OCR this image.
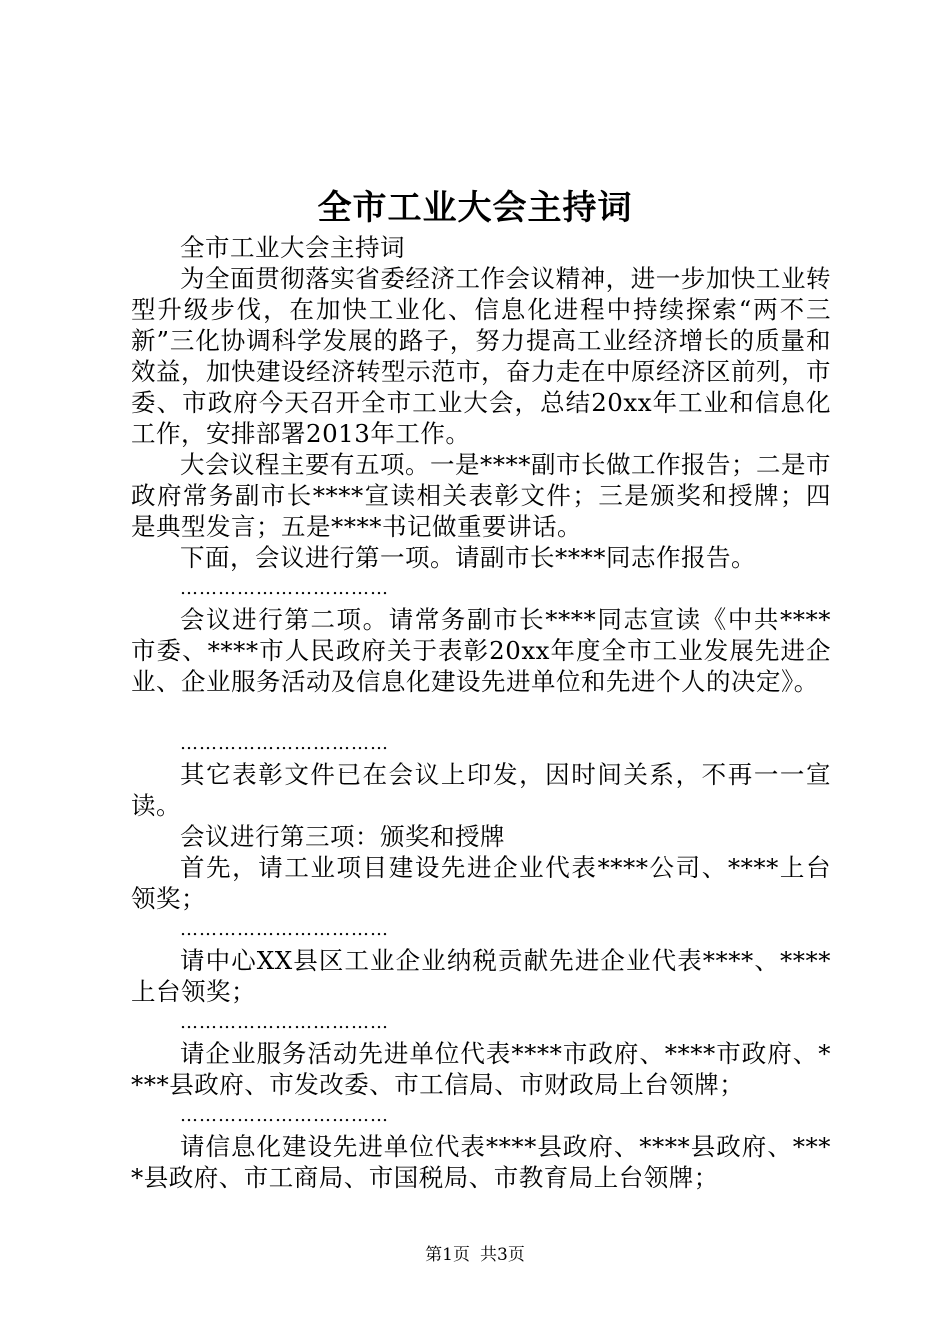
全市工业大会主持词

全市工业大会主持词

为全面贯彻落实省委经济工作会议精神，进一步加快工业转型升级步伐，在加快工业化、信息化进程中持续探索“两不三新”三化协调科学发展的路子，努力提高工业经济增长的质量和效益，加快建设经济转型示范市，奋力走在中原经济区前列，市委、市政府今天召开全市工业大会，总结20xx年工业和信息化工作，安排部署2013年工作。

大会议程主要有五项。一是****副市长做工作报告；二是市政府常务副市长****宣读相关表彰文件；三是颁奖和授牌；四是典型发言；五是****书记做重要讲话。

下面，会议进行第一项。请副市长****同志作报告。

……………………………

会议进行第二项。请常务副市长****同志宣读《中共****市委、****市人民政府关于表彰20xx年度全市工业发展先进企业、企业服务活动及信息化建设先进单位和先进个人的决定》。

……………………………

其它表彰文件已在会议上印发，因时间关系，不再一一宣读。

会议进行第三项：颁奖和授牌

首先，请工业项目建设先进企业代表****公司、****上台领奖；

……………………………

请中心XX县区工业企业纳税贡献先进企业代表****、****上台领奖；

……………………………

请企业服务活动先进单位代表****市政府、****市政府、****县政府、市发改委、市工信局、市财政局上台领牌；

……………………………

请信息化建设先进单位代表****县政府、****县政府、****县政府、市工商局、市国税局、市教育局上台领牌；

第1页 共3页
